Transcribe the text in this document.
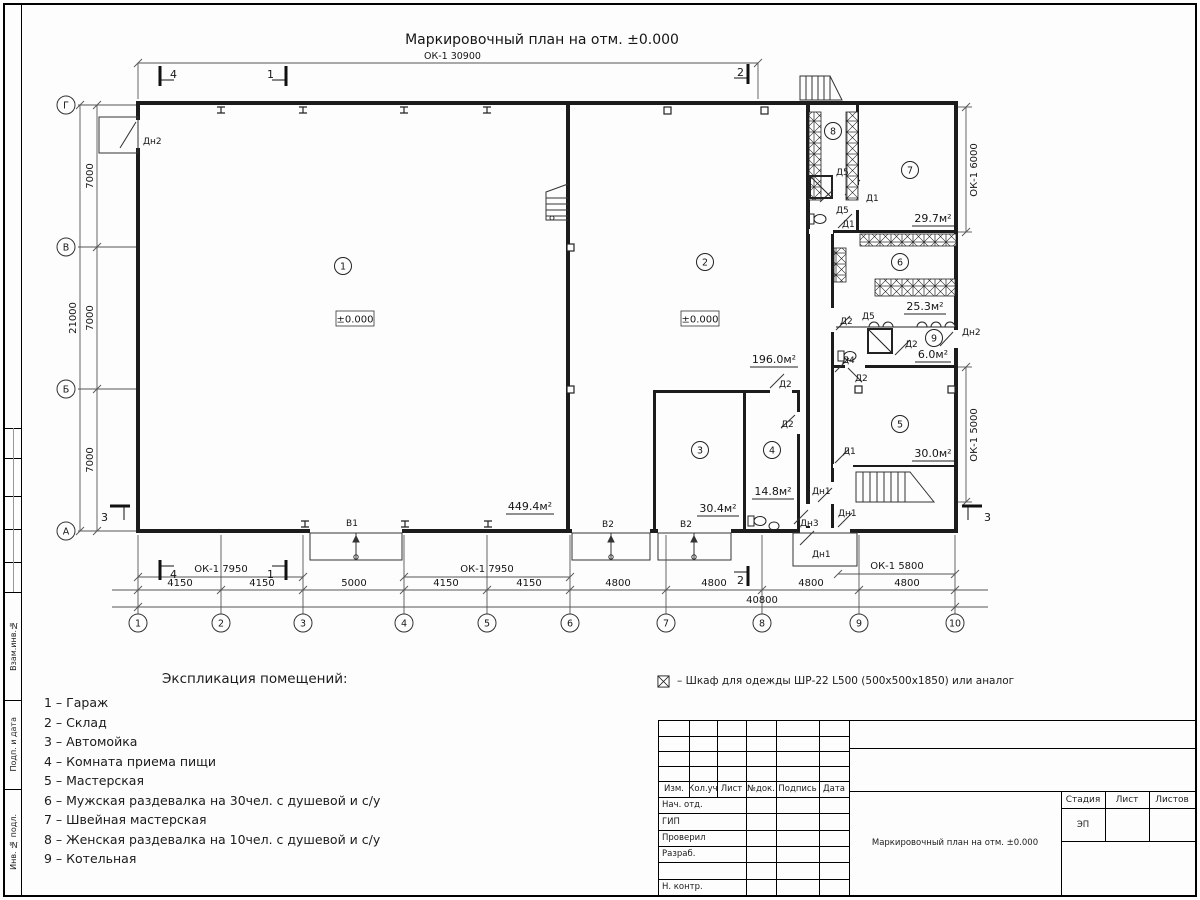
Маркировочный план на отм. ±0.000
ОК-1 30900
1	2
3	4
5
6
7
8
9
449.4м²
196.0м²
30.4м²
14.8м²
30.0м²
25.3м²
29.7м²
6.0м²
±0.000	±0.000
Дн2
Д5
Д1
Д5
Д1
Д2 Д5
Д2
Д4
Д2
Дн2
Д1
Дн1
Дн1
Дн3
Дн1
Д2
Д2
В1	В2	В2
ОК-1 7950	ОК-1 7950	ОК-1 5800
4150	4150	5000	4150	4150	4800	4800	4800	4800
40800
7000
7000
7000
21000
ОК-1 6000
ОК-1 5000
1	2	3	4	5	6	7	8	9	10
Г
В
Б
А
4	1	2
4	1	2
3	3
Экспликация помещений:
1 – Гараж
2 – Склад
3 – Автомойка
4 – Комната приема пищи
5 – Мастерская
6 – Мужская раздевалка на 30чел. с душевой и с/у
7 – Швейная мастерская
8 – Женская раздевалка на 10чел. с душевой и с/у
9 – Котельная
– Шкаф для одежды ШР-22 L500 (500x500x1850) или аналог
Взам.инв.№
Подп. и дата
Инв. № подл.
Изм. Кол.уч Лист №док. Подпись Дата
Нач. отд.
ГИП
Проверил
Разраб.
Н. контр.
Стадия Лист Листов
ЭП
Маркировочный план на отм. ±0.000
